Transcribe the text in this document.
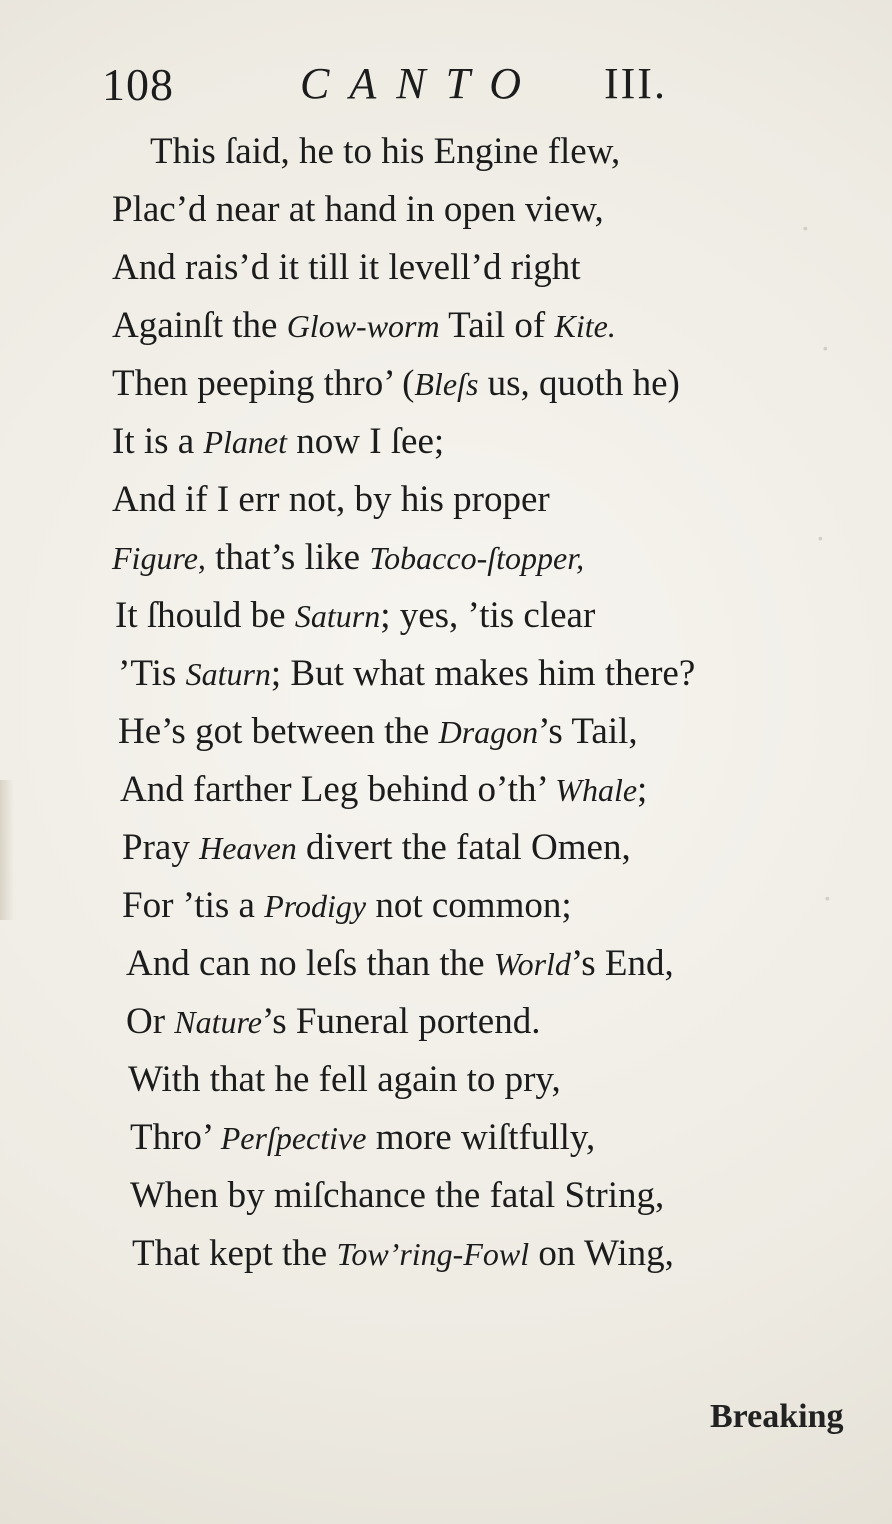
·
·
·
·
108	CANTO III.
This ſaid, he to his Engine flew,
Plac’d near at hand in open view,
And rais’d it till it levell’d right
Againſt the Glow-worm Tail of Kite.
Then peeping thro’ (Bleſs us, quoth he)
It is a Planet now I ſee;
And if I err not, by his proper
Figure, that’s like Tobacco-ſtopper,
It ſhould be Saturn; yes, ’tis clear
’Tis Saturn; But what makes him there?
He’s got between the Dragon’s Tail,
And farther Leg behind o’th’ Whale;
Pray Heaven divert the fatal Omen,
For ’tis a Prodigy not common;
And can no leſs than the World’s End,
Or Nature’s Funeral portend.
With that he fell again to pry,
Thro’ Perſpective more wiſtfully,
When by miſchance the fatal String,
That kept the Tow’ring-Fowl on Wing,
Breaking
